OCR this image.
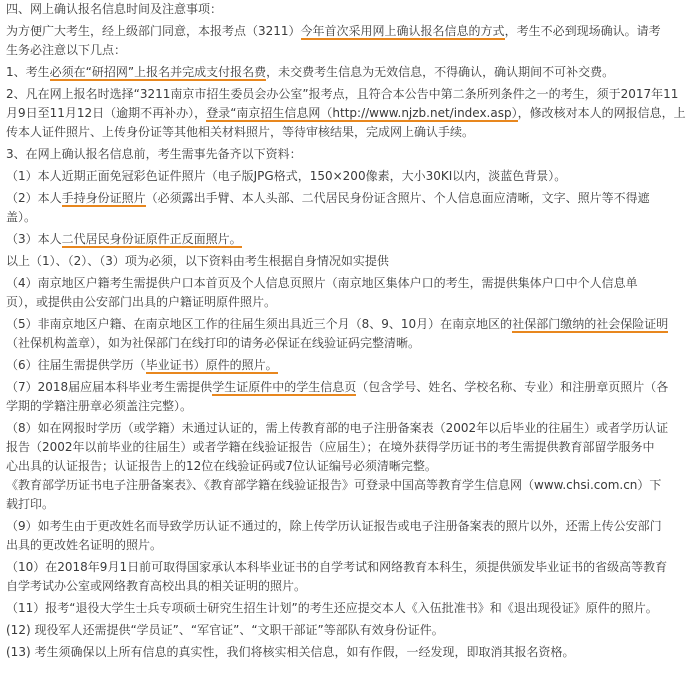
四、网上确认报名信息时间及注意事项：
为方便广大考生，经上级部门同意，本报考点（3211）今年首次采用网上确认报名信息的方式，考生不必到现场确认。请考
生务必注意以下几点：
1、考生必须在“研招网”上报名并完成支付报名费，未交费考生信息为无效信息，不得确认，确认期间不可补交费。
2、凡在网上报名时选择“3211南京市招生委员会办公室”报考点，且符合本公告中第二条所列条件之一的考生，须于2017年11
月9日至11月12日（逾期不再补办），登录“南京招生信息网（http://www.njzb.net/index.asp），修改核对本人的网报信息，上
传本人证件照片、上传身份证等其他相关材料照片，等待审核结果，完成网上确认手续。
3、在网上确认报名信息前，考生需事先备齐以下资料：
（1）本人近期正面免冠彩色证件照片（电子版JPG格式，150×200像素，大小30KI以内，淡蓝色背景）。
（2）本人手持身份证照片（必须露出手臂、本人头部、二代居民身份证含照片、个人信息面应清晰，文字、照片等不得遮
盖）。
（3）本人二代居民身份证原件正反面照片。
以上（1）、（2）、（3）项为必须，以下资料由考生根据自身情况如实提供
（4）南京地区户籍考生需提供户口本首页及个人信息页照片（南京地区集体户口的考生，需提供集体户口中个人信息单
页），或提供由公安部门出具的户籍证明原件照片。
（5）非南京地区户籍、在南京地区工作的往届生须出具近三个月（8、9、10月）在南京地区的社保部门缴纳的社会保险证明
（社保机构盖章），如为社保部门在线打印的请务必保证在线验证码完整清晰。
（6）往届生需提供学历（毕业证书）原件的照片。
（7）2018届应届本科毕业考生需提供学生证原件中的学生信息页（包含学号、姓名、学校名称、专业）和注册章页照片（各
学期的学籍注册章必须盖注完整）。
（8）如在网报时学历（或学籍）未通过认证的，需上传教育部的电子注册备案表（2002年以后毕业的往届生）或者学历认证
报告（2002年以前毕业的往届生）或者学籍在线验证报告（应届生）；在境外获得学历证书的考生需提供教育部留学服务中
心出具的认证报告；认证报告上的12位在线验证码或7位认证编号必须清晰完整。
《教育部学历证书电子注册备案表》、《教育部学籍在线验证报告》可登录中国高等教育学生信息网（www.chsi.com.cn）下
载打印。
（9）如考生由于更改姓名而导致学历认证不通过的，除上传学历认证报告或电子注册备案表的照片以外，还需上传公安部门
出具的更改姓名证明的照片。
（10）在2018年9月1日前可取得国家承认本科毕业证书的自学考试和网络教育本科生，须提供颁发毕业证书的省级高等教育
自学考试办公室或网络教育高校出具的相关证明的照片。
（11）报考“退役大学生士兵专项硕士研究生招生计划”的考生还应提交本人《入伍批准书》和《退出现役证》原件的照片。
(12) 现役军人还需提供“学员证”、“军官证”、“文职干部证”等部队有效身份证件。
(13) 考生须确保以上所有信息的真实性，我们将核实相关信息，如有作假，一经发现，即取消其报名资格。
